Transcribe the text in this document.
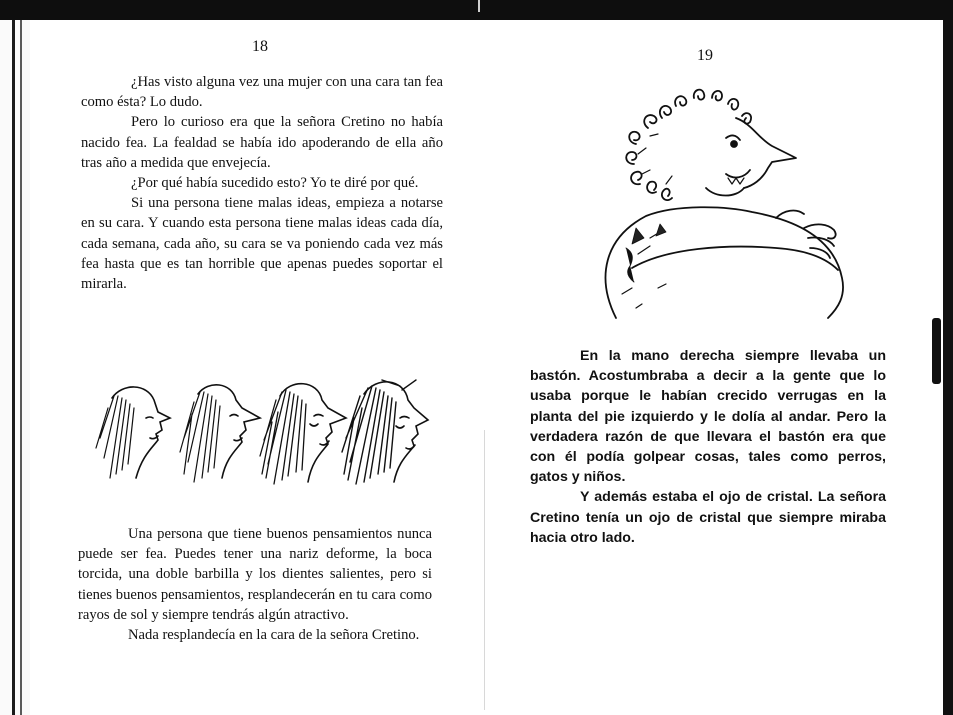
18

¿Has visto alguna vez una mujer con una cara tan fea como ésta? Lo dudo.

Pero lo curioso era que la señora Cretino no había nacido fea. La fealdad se había ido apoderando de ella año tras año a medida que envejecía.

¿Por qué había sucedido esto? Yo te diré por qué.

Si una persona tiene malas ideas, empieza a notarse en su cara. Y cuando esta persona tiene malas ideas cada día, cada semana, cada año, su cara se va poniendo cada vez más fea hasta que es tan horrible que apenas puedes soportar el mirarla.

Una persona que tiene buenos pensamientos nunca puede ser fea. Puedes tener una nariz deforme, la boca torcida, una doble barbilla y los dientes salientes, pero si tienes buenos pensamientos, resplandecerán en tu cara como rayos de sol y siempre tendrás algún atractivo.

Nada resplandecía en la cara de la señora Cretino.

19

En la mano derecha siempre llevaba un bastón. Acostumbraba a decir a la gente que lo usaba porque le habían crecido verrugas en la planta del pie izquierdo y le dolía al andar. Pero la verdadera razón de que llevara el bastón era que con él podía golpear cosas, tales como perros, gatos y niños.

Y además estaba el ojo de cristal. La señora Cretino tenía un ojo de cristal que siempre miraba hacia otro lado.
